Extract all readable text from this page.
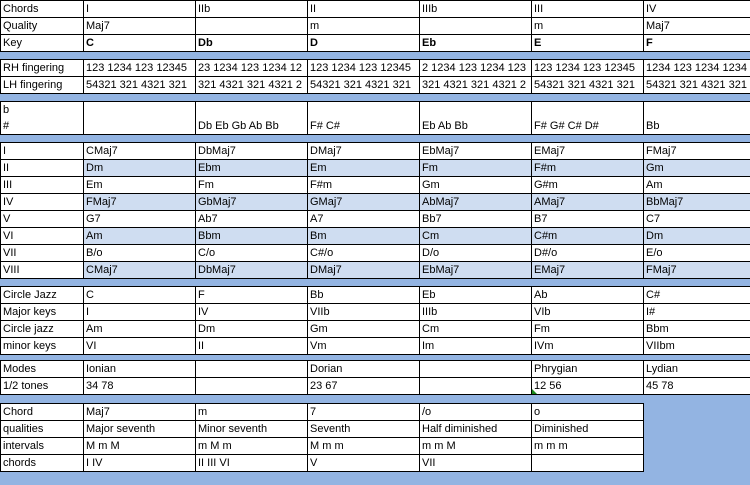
Chords	I	IIb	II	IIIb	III	IV
Quality	Maj7		m		m	Maj7
Key	C	Db	D	Eb	E	F

RH fingering	123 1234 123 12345	23 1234 123 1234 12	123 1234 123 12345	2 1234 123 1234 123	123 1234 123 12345	1234 123 1234 1234
LH fingering	54321 321 4321 321	321 4321 321 4321 2	54321 321 4321 321	321 4321 321 4321 2	54321 321 4321 321	54321 321 4321 321

b
#		Db Eb Gb Ab Bb	F# C#	Eb Ab Bb	F# G# C# D#	Bb

I	CMaj7	DbMaj7	DMaj7	EbMaj7	EMaj7	FMaj7
II	Dm	Ebm	Em	Fm	F#m	Gm
III	Em	Fm	F#m	Gm	G#m	Am
IV	FMaj7	GbMaj7	GMaj7	AbMaj7	AMaj7	BbMaj7
V	G7	Ab7	A7	Bb7	B7	C7
VI	Am	Bbm	Bm	Cm	C#m	Dm
VII	B/o	C/o	C#/o	D/o	D#/o	E/o
VIII	CMaj7	DbMaj7	DMaj7	EbMaj7	EMaj7	FMaj7

Circle Jazz	C	F	Bb	Eb	Ab	C#
Major keys	I	IV	VIIb	IIIb	VIb	I#
Circle jazz	Am	Dm	Gm	Cm	Fm	Bbm
minor keys	VI	II	Vm	Im	IVm	VIIbm

Modes	Ionian		Dorian		Phrygian	Lydian
1/2 tones	34 78		23 67		12 56	45 78

Chord	Maj7	m	7	/o	o	
qualities	Major seventh	Minor seventh	Seventh	Half diminished	Diminished	
intervals	M m M	m M m	M m m	m m M	m m m	
chords	I IV	II III VI	V	VII		
